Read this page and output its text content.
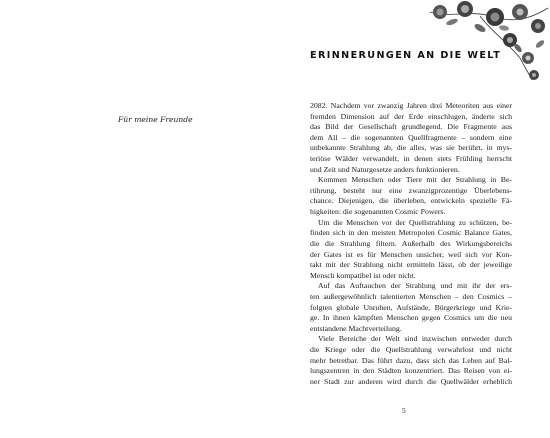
Für meine Freunde
ERINNERUNGEN AN DIE WELT
2082. Nachdem vor zwanzig Jahren drei Meteoriten aus einer
fremden Dimension auf der Erde einschlugen, änderte sich
das Bild der Gesellschaft grundlegend. Die Fragmente aus
dem All – die sogenannten Quellfragmente – sondern eine
unbekannte Strahlung ab, die alles, was sie berührt, in mys-
teriöse Wälder verwandelt, in denen stets Frühling herrscht
und Zeit und Naturgesetze anders funktionieren.
Kommen Menschen oder Tiere mit der Strahlung in Be-
rührung, besteht nur eine zwanzigprozentige Überlebens-
chance. Diejenigen, die überleben, entwickeln spezielle Fä-
higkeiten: die sogenannten Cosmic Powers.
Um die Menschen vor der Quellstrahlung zu schützen, be-
finden sich in den meisten Metropolen Cosmic Balance Gates,
die die Strahlung filtern. Außerhalb des Wirkungsbereichs
der Gates ist es für Menschen unsicher, weil sich vor Kon-
takt mit der Strahlung nicht ermitteln lässt, ob der jeweilige
Mensch kompatibel ist oder nicht.
Auf das Auftauchen der Strahlung und mit ihr der ers-
ten außergewöhnlich talentierten Menschen – den Cosmics –
folgten globale Unruhen, Aufstände, Bürgerkriege und Krie-
ge. In ihnen kämpften Menschen gegen Cosmics um die neu
entstandene Machtverteilung.
Viele Bereiche der Welt sind inzwischen entweder durch
die Kriege oder die Quellstrahlung verwahrlost und nicht
mehr betretbar. Das führt dazu, dass sich das Leben auf Bal-
lungszentren in den Städten konzentriert. Das Reisen von ei-
ner Stadt zur anderen wird durch die Quellwälder erheblich
5
